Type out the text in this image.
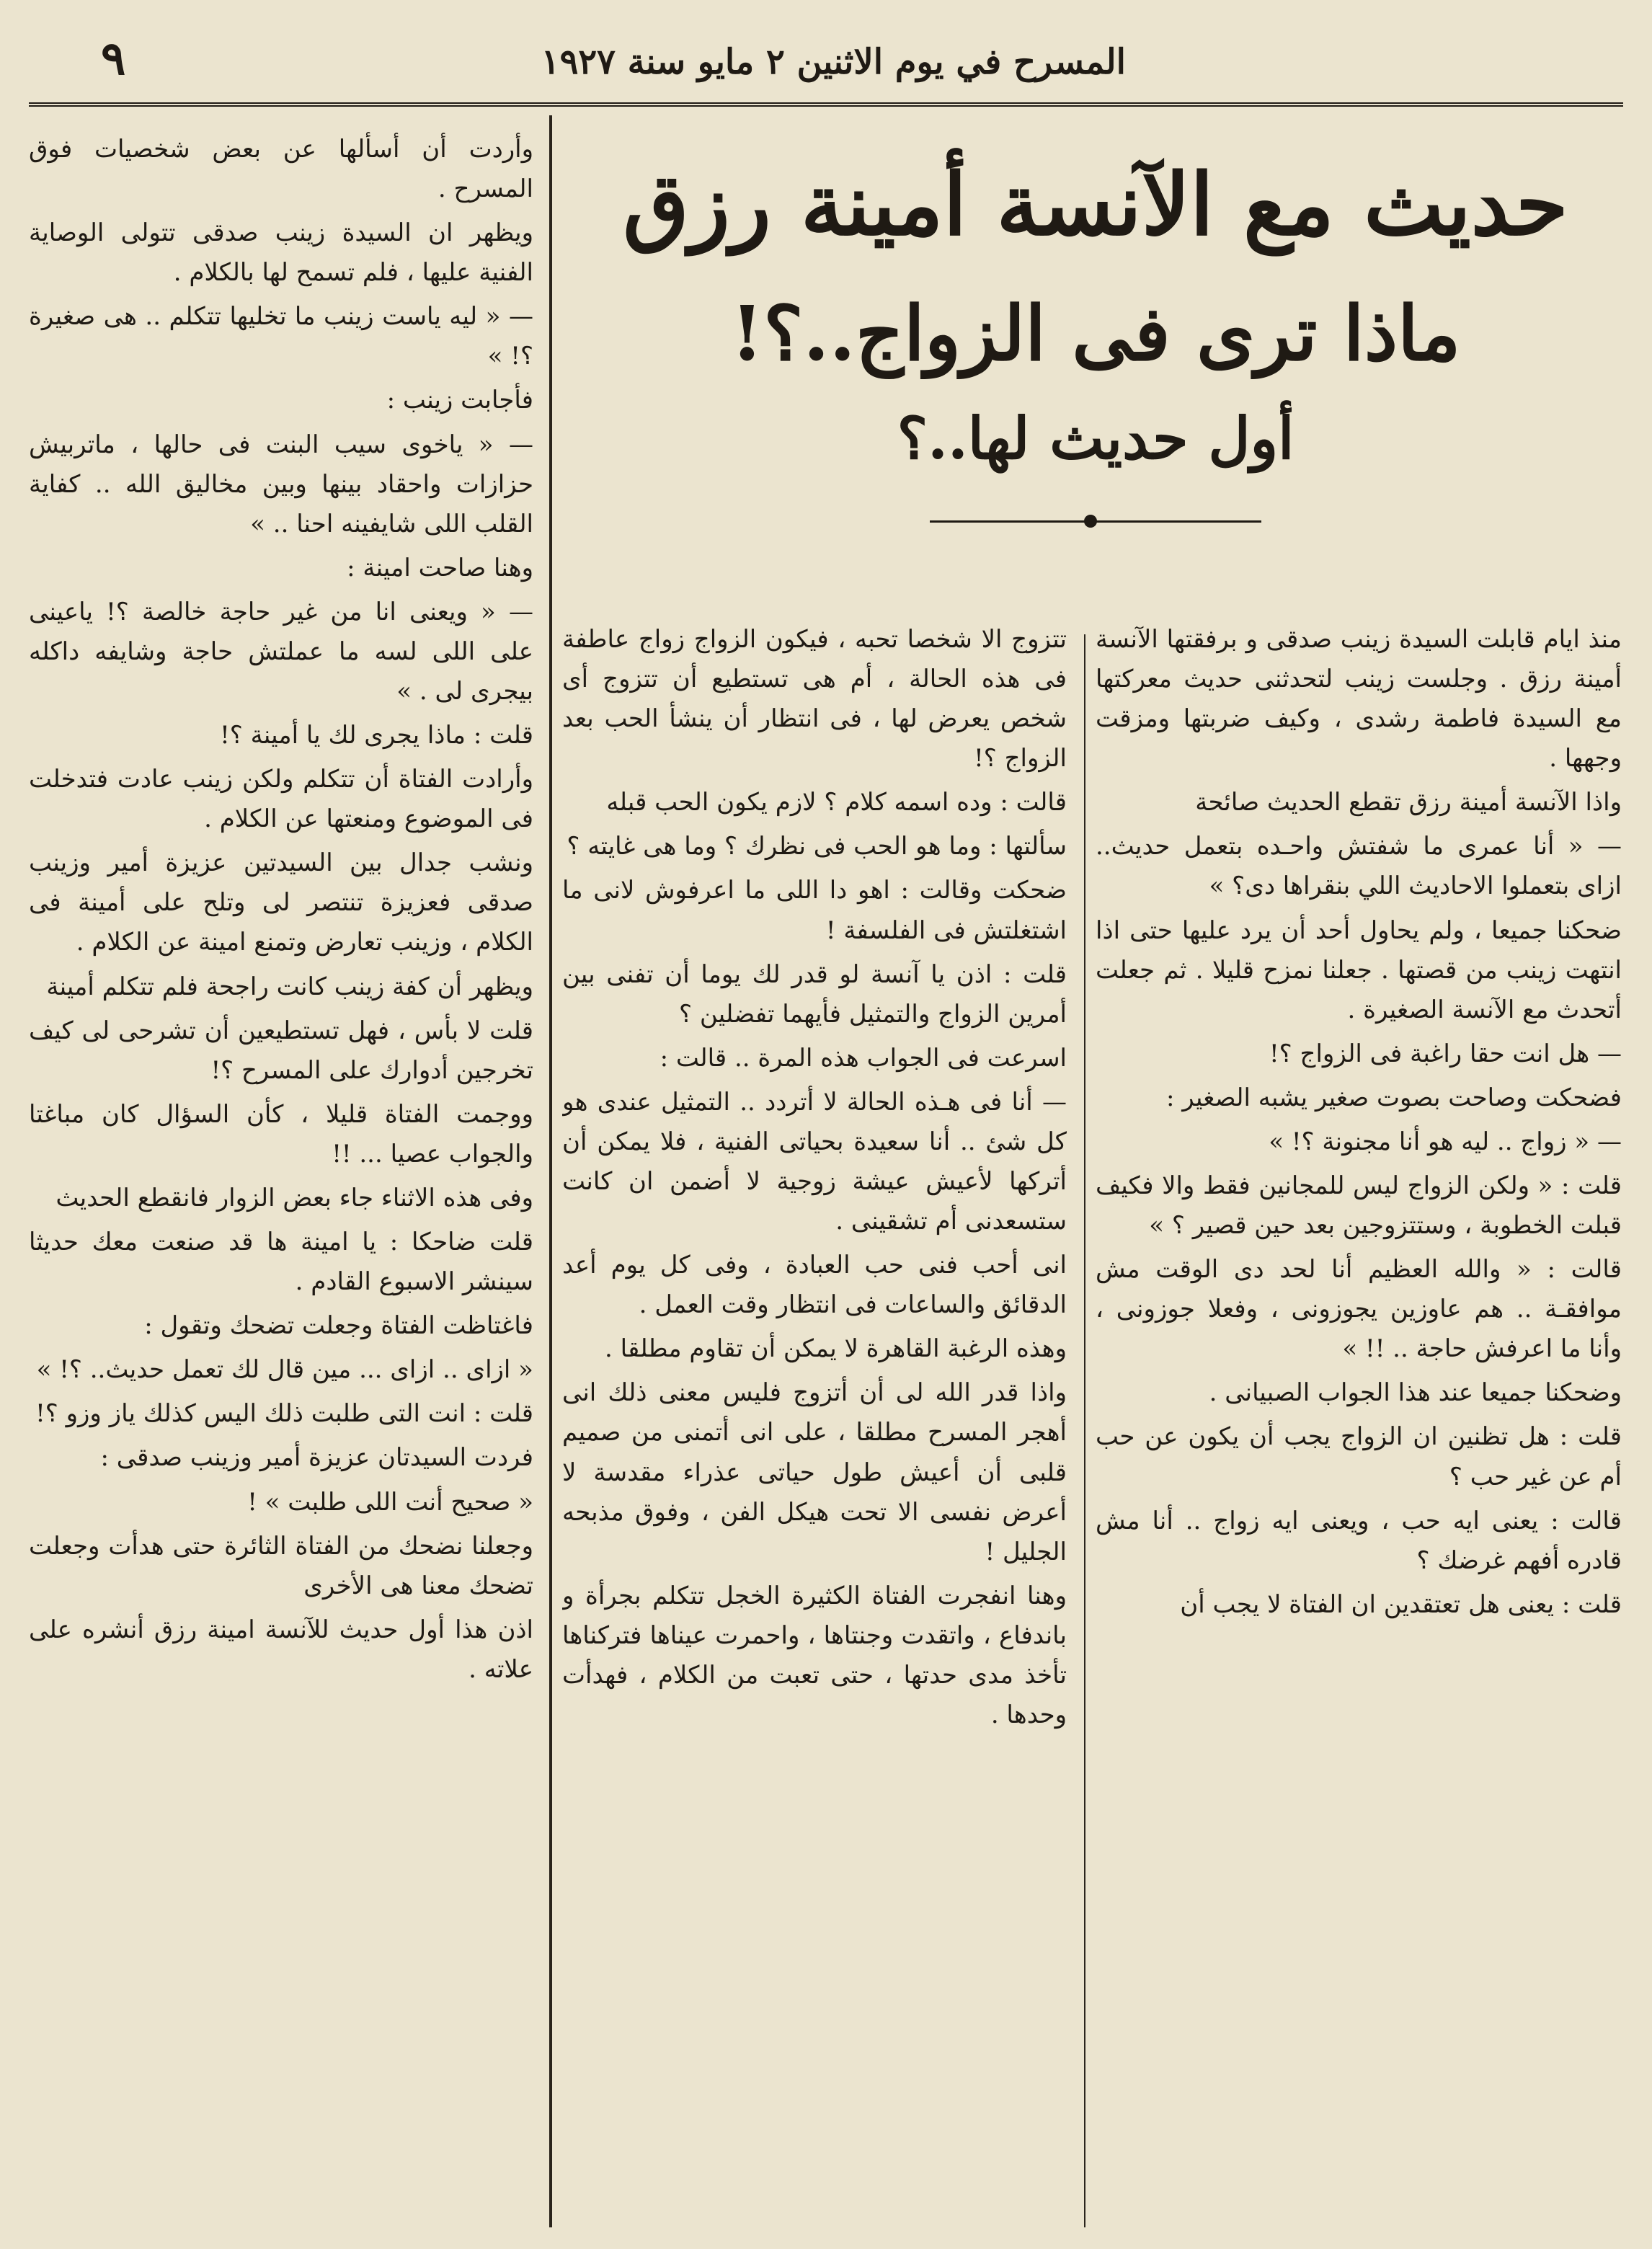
المسرح في يوم الاثنين ٢ مايو سنة ١٩٢٧
٩
حديث مع الآنسة أمينة رزق
ماذا ترى فى الزواج..؟!
أول حديث لها..؟

منذ ايام قابلت السيدة زينب صدقى و برفقتها الآنسة أمينة رزق . وجلست زينب لتحدثنى حديث معركتها مع السيدة فاطمة رشدى ، وكيف ضربتها ومزقت وجهها .

واذا الآنسة أمينة رزق تقطع الحديث صائحة

— « أنا عمرى ما شفتش واحـده بتعمل حديث.. ازاى بتعملوا الاحاديث اللي بنقراها دى؟ »

ضحكنا جميعا ، ولم يحاول أحد أن يرد عليها حتى اذا انتهت زينب من قصتها . جعلنا نمزح قليلا . ثم جعلت أتحدث مع الآنسة الصغيرة .

— هل انت حقا راغبة فى الزواج ؟!

فضحكت وصاحت بصوت صغير يشبه الصغير :

— « زواج .. ليه هو أنا مجنونة ؟! »

قلت : « ولكن الزواج ليس للمجانين فقط والا فكيف قبلت الخطوبة ، وستتزوجين بعد حين قصير ؟ »

قالت : « والله العظيم أنا لحد دى الوقت مش موافقـة .. هم عاوزين يجوزونى ، وفعلا جوزونى ، وأنا ما اعرفش حاجة .. !! »

وضحكنا جميعا عند هذا الجواب الصبيانى .

قلت : هل تظنين ان الزواج يجب أن يكون عن حب أم عن غير حب ؟

قالت : يعنى ايه حب ، ويعنى ايه زواج .. أنا مش قادره أفهم غرضك ؟

قلت : يعنى هل تعتقدين ان الفتاة لا يجب أن

تتزوج الا شخصا تحبه ، فيكون الزواج زواج عاطفة فى هذه الحالة ، أم هى تستطيع أن تتزوج أى شخص يعرض لها ، فى انتظار أن ينشأ الحب بعد الزواج ؟!

قالت : وده اسمه كلام ؟ لازم يكون الحب قبله

سألتها : وما هو الحب فى نظرك ؟ وما هى غايته ؟

ضحكت وقالت : اهو دا اللى ما اعرفوش لانى ما اشتغلتش فى الفلسفة !

قلت : اذن يا آنسة لو قدر لك يوما أن تفنى بين أمرين الزواج والتمثيل فأيهما تفضلين ؟

اسرعت فى الجواب هذه المرة .. قالت :

— أنا فى هـذه الحالة لا أتردد .. التمثيل عندى هو كل شئ .. أنا سعيدة بحياتى الفنية ، فلا يمكن أن أتركها لأعيش عيشة زوجية لا أضمن ان كانت ستسعدنى أم تشقينى .

انى أحب فنى حب العبادة ، وفى كل يوم أعد الدقائق والساعات فى انتظار وقت العمل .

وهذه الرغبة القاهرة لا يمكن أن تقاوم مطلقا .

واذا قدر الله لى أن أتزوج فليس معنى ذلك انى أهجر المسرح مطلقا ، على انى أتمنى من صميم قلبى أن أعيش طول حياتى عذراء مقدسة لا أعرض نفسى الا تحت هيكل الفن ، وفوق مذبحه الجليل !

وهنا انفجرت الفتاة الكثيرة الخجل تتكلم بجرأة و باندفاع ، واتقدت وجنتاها ، واحمرت عيناها فتركناها تأخذ مدى حدتها ، حتى تعبت من الكلام ، فهدأت وحدها .

وأردت أن أسألها عن بعض شخصيات فوق المسرح .

ويظهر ان السيدة زينب صدقى تتولى الوصاية الفنية عليها ، فلم تسمح لها بالكلام .

— « ليه ياست زينب ما تخليها تتكلم .. هى صغيرة ؟! »

فأجابت زينب :

— « ياخوى سيب البنت فى حالها ، ماتربيش حزازات واحقاد بينها وبين مخاليق الله .. كفاية القلب اللى شايفينه احنا .. »

وهنا صاحت امينة :

— « ويعنى انا من غير حاجة خالصة ؟! ياعينى على اللى لسه ما عملتش حاجة وشايفه داكله بيجرى لى . »

قلت : ماذا يجرى لك يا أمينة ؟!

وأرادت الفتاة أن تتكلم ولكن زينب عادت فتدخلت فى الموضوع ومنعتها عن الكلام .

ونشب جدال بين السيدتين عزيزة أمير وزينب صدقى فعزيزة تنتصر لى وتلح على أمينة فى الكلام ، وزينب تعارض وتمنع امينة عن الكلام .

ويظهر أن كفة زينب كانت راجحة فلم تتكلم أمينة

قلت لا بأس ، فهل تستطيعين أن تشرحى لى كيف تخرجين أدوارك على المسرح ؟!

ووجمت الفتاة قليلا ، كأن السؤال كان مباغتا والجواب عصيا ... !!

وفى هذه الاثناء جاء بعض الزوار فانقطع الحديث

قلت ضاحكا : يا امينة ها قد صنعت معك حديثا سينشر الاسبوع القادم .

فاغتاظت الفتاة وجعلت تضحك وتقول :

« ازاى .. ازاى ... مين قال لك تعمل حديث.. ؟! »

قلت : انت التى طلبت ذلك اليس كذلك ياز وزو ؟!

فردت السيدتان عزيزة أمير وزينب صدقى :

« صحيح أنت اللى طلبت » !

وجعلنا نضحك من الفتاة الثائرة حتى هدأت وجعلت تضحك معنا هى الأخرى

اذن هذا أول حديث للآنسة امينة رزق أنشره على علاته .
